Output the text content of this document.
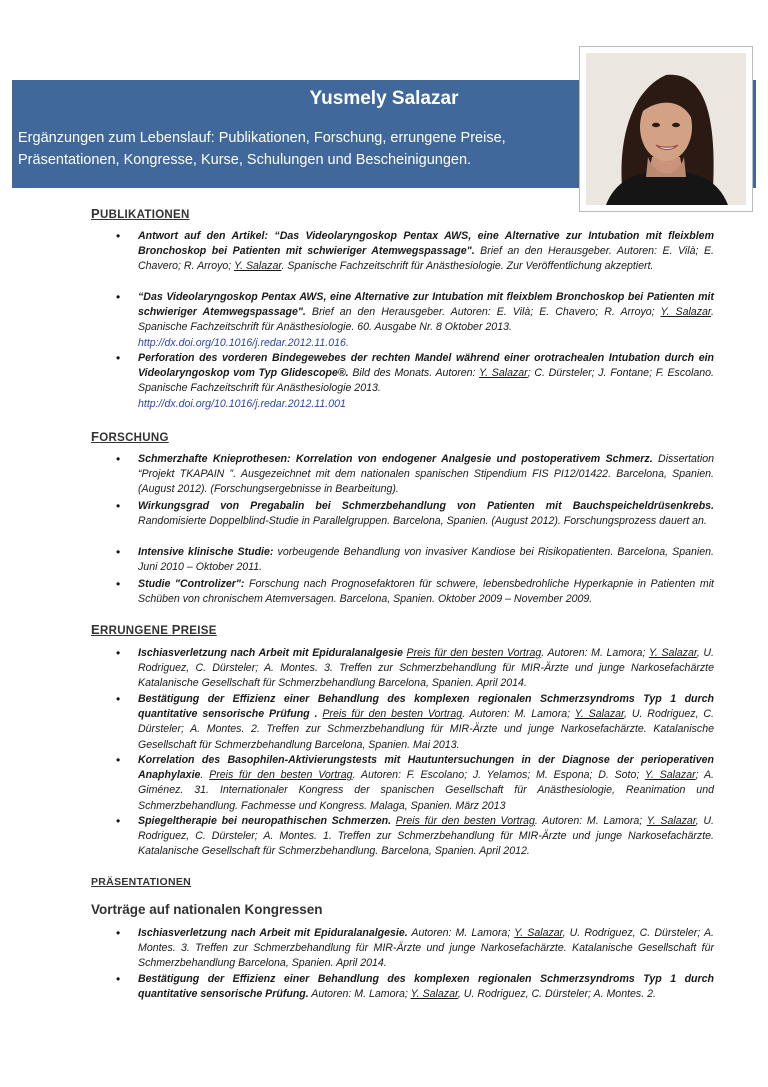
Yusmely Salazar
Ergänzungen zum Lebenslauf: Publikationen, Forschung, errungene Preise, Präsentationen, Kongresse, Kurse, Schulungen und Bescheinigungen.
PUBLIKATIONEN
• Antwort auf den Artikel: “Das Videolaryngoskop Pentax AWS, eine Alternative zur Intubation mit fleixblem Bronchoskop bei Patienten mit schwieriger Atemwegspassage". Brief an den Herausgeber. Autoren: E. Vilà; E. Chavero; R. Arroyo; Y. Salazar. Spanische Fachzeitschrift für Anästhesiologie. Zur Veröffentlichung akzeptiert.
• “Das Videolaryngoskop Pentax AWS, eine Alternative zur Intubation mit fleixblem Bronchoskop bei Patienten mit schwieriger Atemwegspassage". Brief an den Herausgeber. Autoren: E. Vilà; E. Chavero; R. Arroyo; Y. Salazar. Spanische Fachzeitschrift für Anästhesiologie. 60. Ausgabe Nr. 8 Oktober 2013.
http://dx.doi.org/10.1016/j.redar.2012.11.016.
• Perforation des vorderen Bindegewebes der rechten Mandel während einer orotrachealen Intubation durch ein Videolaryngoskop vom Typ Glidescope®. Bild des Monats. Autoren: Y. Salazar; C. Dürsteler; J. Fontane; F. Escolano. Spanische Fachzeitschrift für Anästhesiologie 2013.
http://dx.doi.org/10.1016/j.redar.2012.11.001
FORSCHUNG
• Schmerzhafte Knieprothesen: Korrelation von endogener Analgesie und postoperativem Schmerz. Dissertation “Projekt TKAPAIN ”. Ausgezeichnet mit dem nationalen spanischen Stipendium FIS PI12/01422. Barcelona, Spanien. (August 2012). (Forschungsergebnisse in Bearbeitung).
• Wirkungsgrad von Pregabalin bei Schmerzbehandlung von Patienten mit Bauchspeicheldrüsenkrebs. Randomisierte Doppelblind-Studie in Parallelgruppen. Barcelona, Spanien. (August 2012). Forschungsprozess dauert an.
• Intensive klinische Studie: vorbeugende Behandlung von invasiver Kandiose bei Risikopatienten. Barcelona, Spanien. Juni 2010 – Oktober 2011.
• Studie "Controlizer": Forschung nach Prognosefaktoren für schwere, lebensbedrohliche Hyperkapnie in Patienten mit Schüben von chronischem Atemversagen. Barcelona, Spanien. Oktober 2009 – November 2009.
ERRUNGENE PREISE
• Ischiasverletzung nach Arbeit mit Epiduralanalgesie Preis für den besten Vortrag. Autoren: M. Lamora; Y. Salazar, U. Rodriguez, C. Dürsteler; A. Montes. 3. Treffen zur Schmerzbehandlung für MIR-Ärzte und junge Narkosefachärzte Katalanische Gesellschaft für Schmerzbehandlung Barcelona, Spanien. April 2014.
• Bestätigung der Effizienz einer Behandlung des komplexen regionalen Schmerzsyndroms Typ 1 durch quantitative sensorische Prüfung . Preis für den besten Vortrag. Autoren: M. Lamora; Y. Salazar, U. Rodriguez, C. Dürsteler; A. Montes. 2. Treffen zur Schmerzbehandlung für MIR-Ärzte und junge Narkosefachärzte. Katalanische Gesellschaft für Schmerzbehandlung Barcelona, Spanien. Mai 2013.
• Korrelation des Basophilen-Aktivierungstests mit Hautuntersuchungen in der Diagnose der perioperativen Anaphylaxie. Preis für den besten Vortrag. Autoren: F. Escolano; J. Yelamos; M. Espona; D. Soto; Y. Salazar; A. Giménez. 31. Internationaler Kongress der spanischen Gesellschaft für Anästhesiologie, Reanimation und Schmerzbehandlung. Fachmesse und Kongress. Malaga, Spanien. März 2013
• Spiegeltherapie bei neuropathischen Schmerzen. Preis für den besten Vortrag. Autoren: M. Lamora; Y. Salazar, U. Rodriguez, C. Dürsteler; A. Montes. 1. Treffen zur Schmerzbehandlung für MIR-Ärzte und junge Narkosefachärzte. Katalanische Gesellschaft für Schmerzbehandlung. Barcelona, Spanien. April 2012.
PRÄSENTATIONEN
Vorträge auf nationalen Kongressen
• Ischiasverletzung nach Arbeit mit Epiduralanalgesie. Autoren: M. Lamora; Y. Salazar, U. Rodriguez, C. Dürsteler; A. Montes. 3. Treffen zur Schmerzbehandlung für MIR-Ärzte und junge Narkosefachärzte. Katalanische Gesellschaft für Schmerzbehandlung Barcelona, Spanien. April 2014.
• Bestätigung der Effizienz einer Behandlung des komplexen regionalen Schmerzsyndroms Typ 1 durch quantitative sensorische Prüfung. Autoren: M. Lamora; Y. Salazar, U. Rodriguez, C. Dürsteler; A. Montes. 2.
